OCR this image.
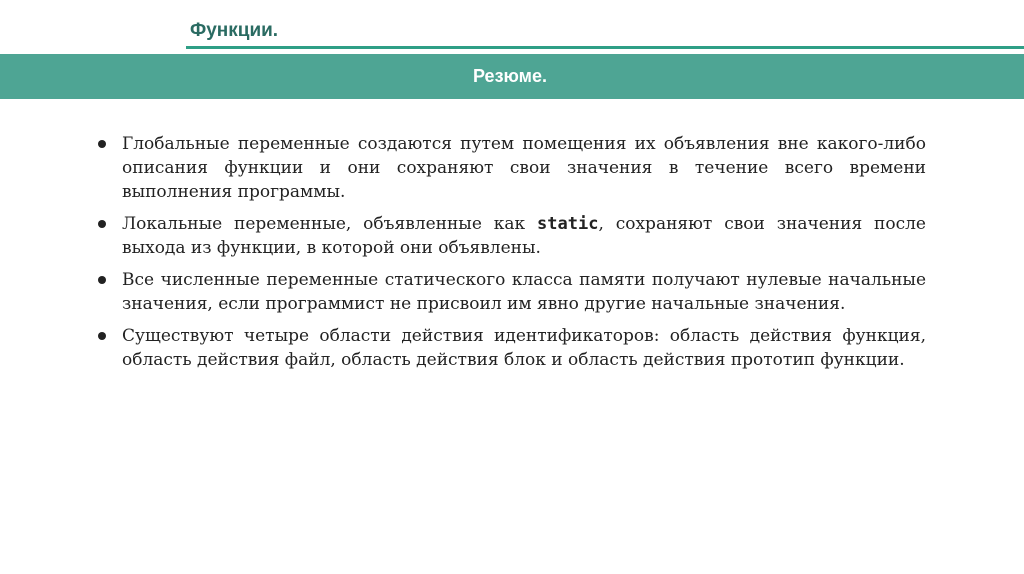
Функции.
Резюме.
Глобальные переменные создаются путем помещения их объявления вне какого-либо описания функции и они сохраняют свои значения в течение всего времени выполнения программы.
Локальные переменные, объявленные как static, сохраняют свои значения после выхода из функции, в которой они объявлены.
Все численные переменные статического класса памяти получают нулевые начальные значения, если программист не присвоил им явно другие начальные значения.
Существуют четыре области действия идентификаторов: область действия функция, область действия файл, область действия блок и область действия прототип функции.
